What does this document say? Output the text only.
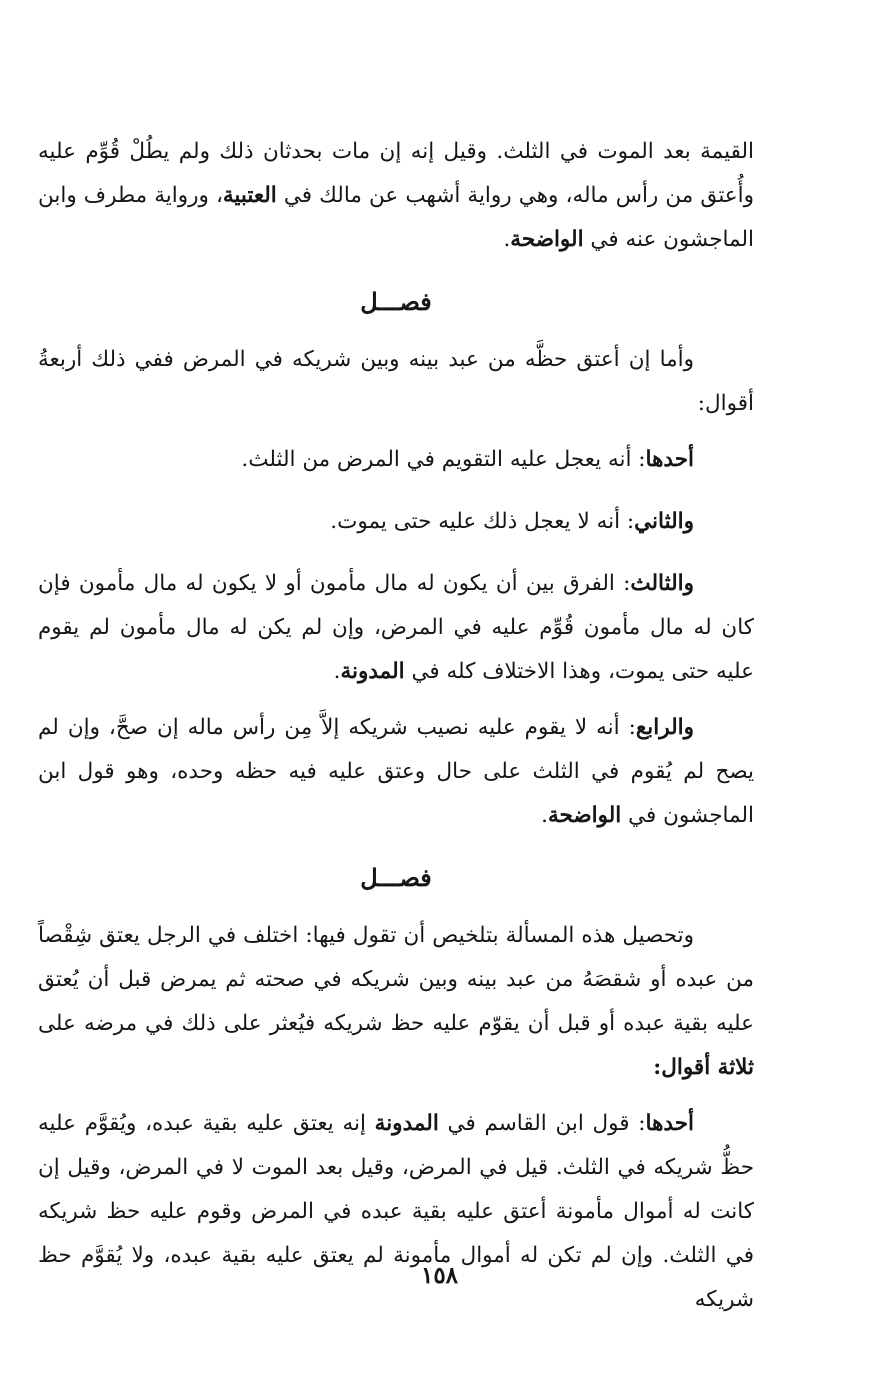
القيمة بعد الموت في الثلث. وقيل إنه إن مات بحدثان ذلك ولم يطُلْ قُوِّم عليه وأُعتق من رأس ماله، وهي رواية أشهب عن مالك في العتبية، ورواية مطرف وابن الماجشون عنه في الواضحة.

فصـــل

وأما إن أعتق حظَّه من عبد بينه وبين شريكه في المرض ففي ذلك أربعةُ أقوال:

أحدها: أنه يعجل عليه التقويم في المرض من الثلث.

والثاني: أنه لا يعجل ذلك عليه حتى يموت.

والثالث: الفرق بين أن يكون له مال مأمون أو لا يكون له مال مأمون فإن كان له مال مأمون قُوِّم عليه في المرض، وإن لم يكن له مال مأمون لم يقوم عليه حتى يموت، وهذا الاختلاف كله في المدونة.

والرابع: أنه لا يقوم عليه نصيب شريكه إلاَّ مِن رأس ماله إن صحَّ، وإن لم يصح لم يُقوم في الثلث على حال وعتق عليه فيه حظه وحده، وهو قول ابن الماجشون في الواضحة.

فصـــل

وتحصيل هذه المسألة بتلخيص أن تقول فيها: اختلف في الرجل يعتق شِقْصاً من عبده أو شقصَهُ من عبد بينه وبين شريكه في صحته ثم يمرض قبل أن يُعتق عليه بقية عبده أو قبل أن يقوّم عليه حظ شريكه فيُعثر على ذلك في مرضه على ثلاثة أقوال:

أحدها: قول ابن القاسم في المدونة إنه يعتق عليه بقية عبده، ويُقوَّم عليه حظُّ شريكه في الثلث. قيل في المرض، وقيل بعد الموت لا في المرض، وقيل إن كانت له أموال مأمونة أعتق عليه بقية عبده في المرض وقوم عليه حظ شريكه في الثلث. وإن لم تكن له أموال مأمونة لم يعتق عليه بقية عبده، ولا يُقوَّم حظ شريكه

١٥٨
